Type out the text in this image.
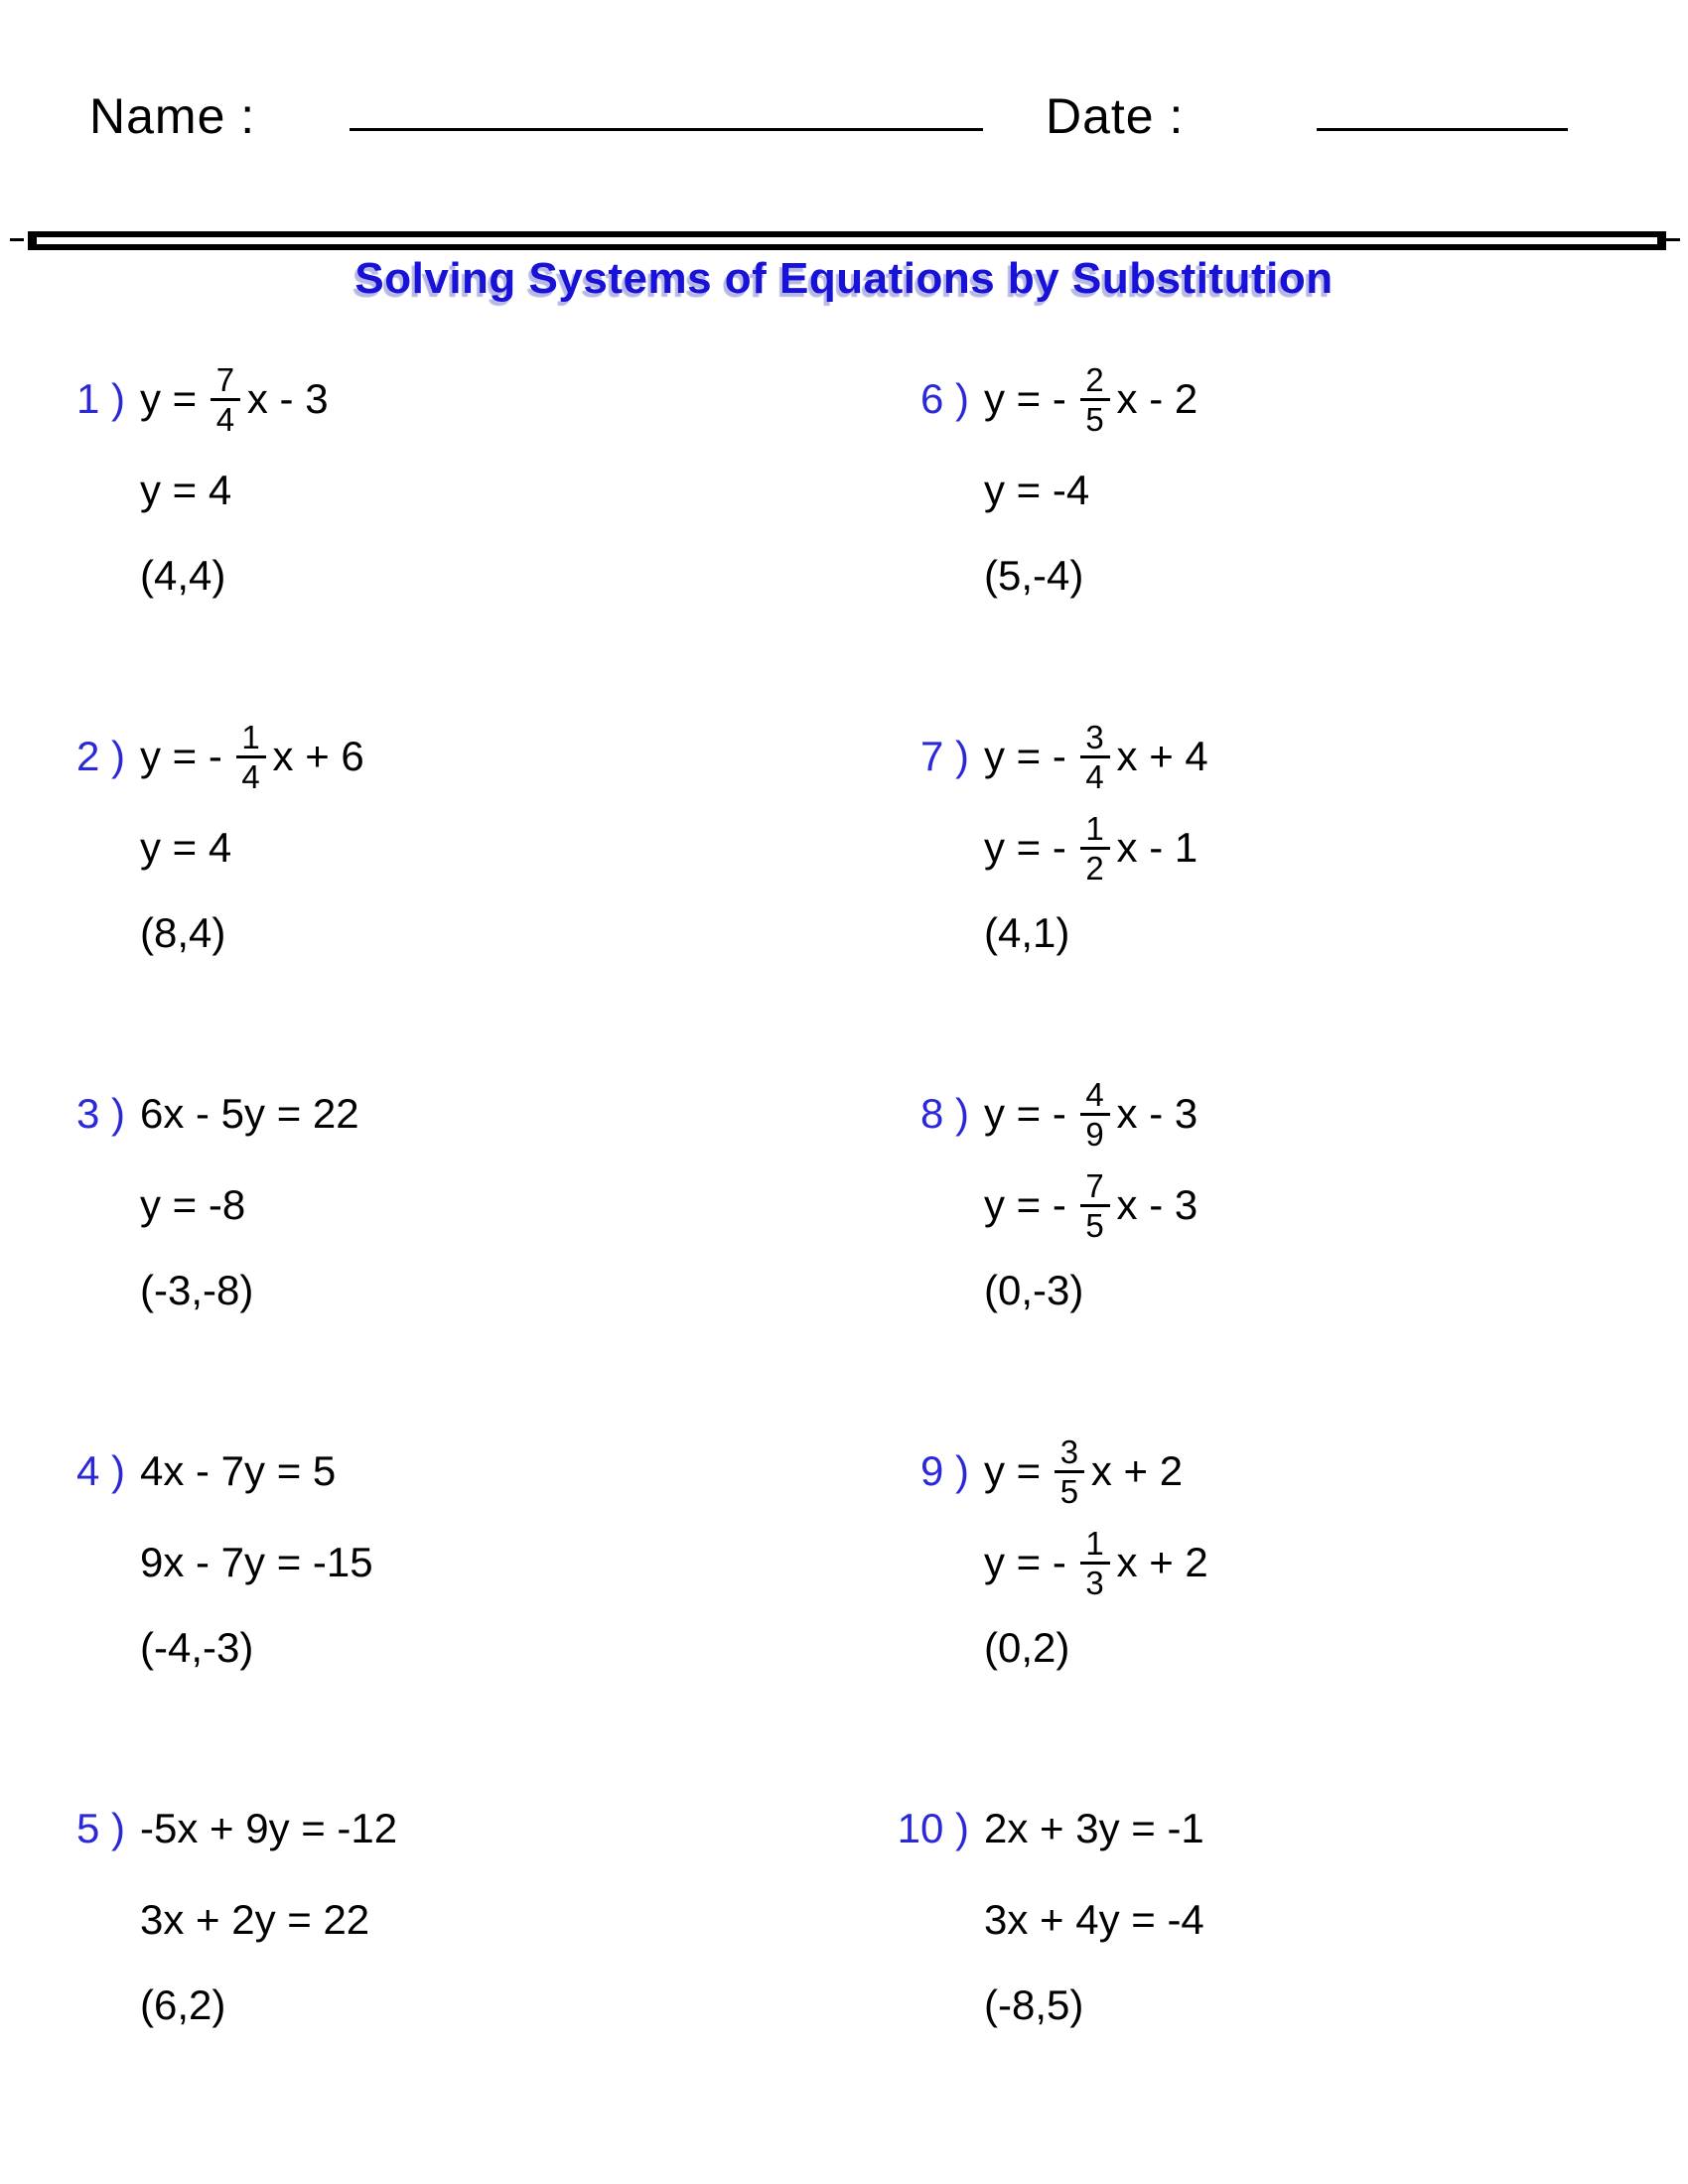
Name :	Date :
Solving Systems of Equations by Substitution
1 ) $y = \frac{7}{4}$ x - 3
y = 4
(4,4)
2 ) y = - $\frac{1}{4}$ x + 6
y = 4
(8,4)
3 ) 6x - 5y = 22
y = -8
(-3,-8)
4 ) 4x - 7y = 5
9x - 7y = -15
(-4,-3)
5 ) -5x + 9y = -12
3x + 2y = 22
(6,2)
6 ) y = - $\frac{2}{5}$ x - 2
y = -4
(5,-4)
7 ) y = - $\frac{3}{4}$ x + 4
y = - $\frac{1}{2}$ x - 1
(4,1)
8 ) y = - $\frac{4}{9}$ x - 3
y = - $\frac{7}{5}$ x - 3
(0,-3)
9 ) $y = \frac{3}{5}$ x + 2
y = - $\frac{1}{3}$ x + 2
(0,2)
10 ) 2x + 3y = -1
3x + 4y = -4
(-8,5)
